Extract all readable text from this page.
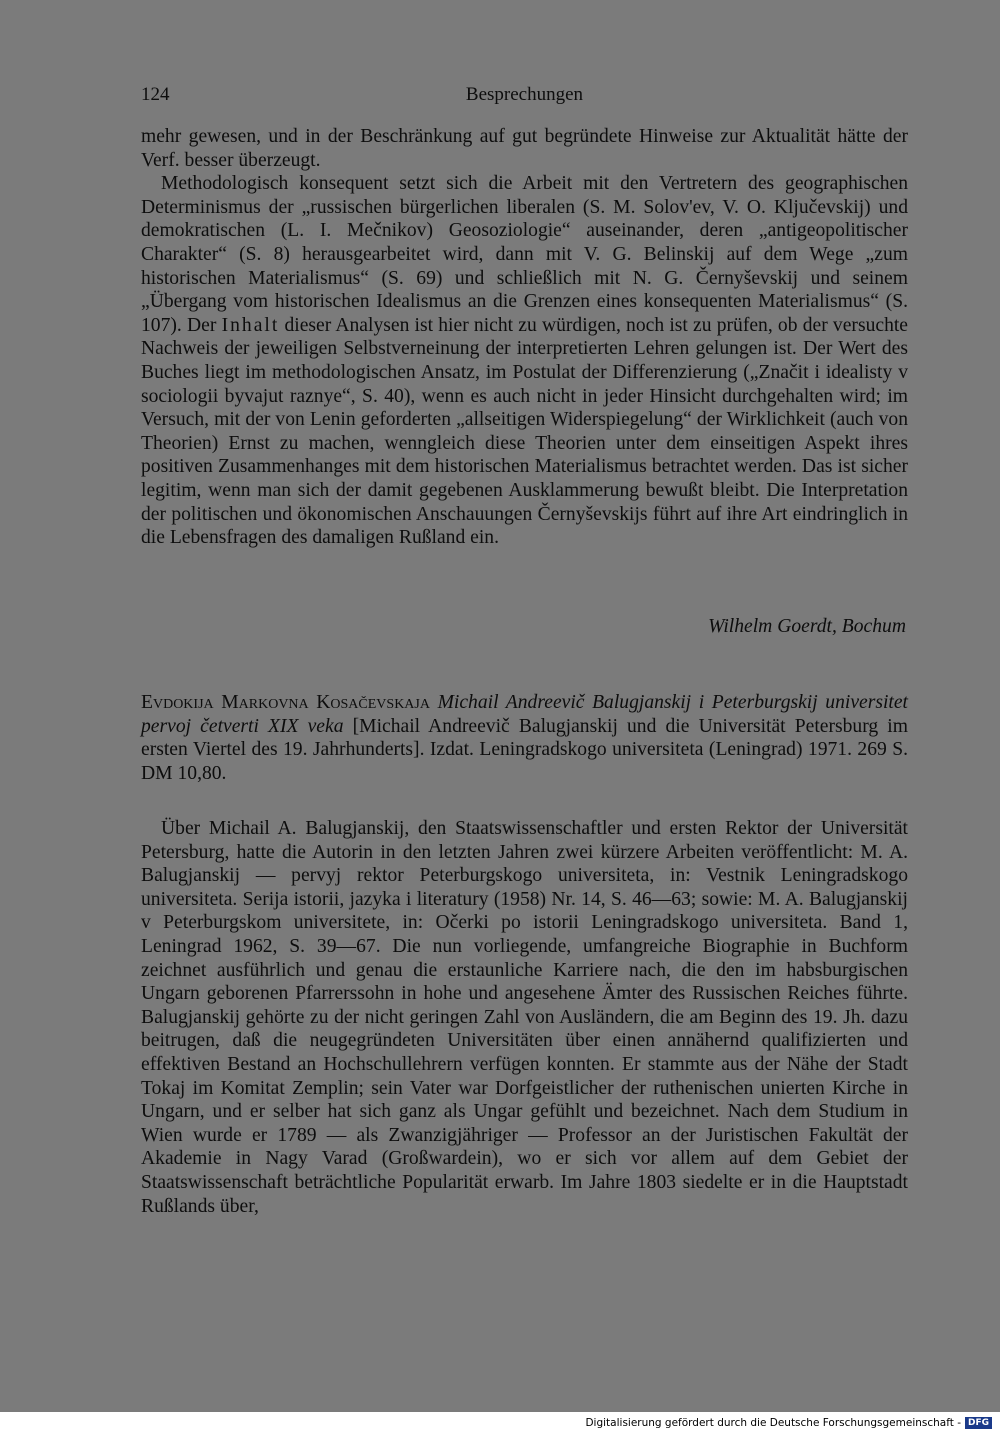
124	Besprechungen

mehr gewesen, und in der Beschränkung auf gut begründete Hinweise zur Aktualität hätte der Verf. besser überzeugt.

Methodologisch konsequent setzt sich die Arbeit mit den Vertretern des geographischen Determinismus der „russischen bürgerlichen liberalen (S. M. Solov'ev, V. O. Ključevskij) und demokratischen (L. I. Mečnikov) Geosoziologie“ auseinander, deren „antigeopolitischer Charakter“ (S. 8) herausgearbeitet wird, dann mit V. G. Belinskij auf dem Wege „zum historischen Materialismus“ (S. 69) und schließlich mit N. G. Černyševskij und seinem „Übergang vom historischen Idealismus an die Grenzen eines konsequenten Materialismus“ (S. 107). Der Inhalt dieser Analysen ist hier nicht zu würdigen, noch ist zu prüfen, ob der versuchte Nachweis der jeweiligen Selbstverneinung der interpretierten Lehren gelungen ist. Der Wert des Buches liegt im methodologischen Ansatz, im Postulat der Differenzierung („Značit i idealisty v sociologii byvajut raznye“, S. 40), wenn es auch nicht in jeder Hinsicht durchgehalten wird; im Versuch, mit der von Lenin geforderten „allseitigen Widerspiegelung“ der Wirklichkeit (auch von Theorien) Ernst zu machen, wenngleich diese Theorien unter dem einseitigen Aspekt ihres positiven Zusammenhanges mit dem historischen Materialismus betrachtet werden. Das ist sicher legitim, wenn man sich der damit gegebenen Ausklammerung bewußt bleibt. Die Interpretation der politischen und ökonomischen Anschauungen Černyševskijs führt auf ihre Art eindringlich in die Lebensfragen des damaligen Rußland ein.

Wilhelm Goerdt, Bochum

Evdokija Markovna Kosačevskaja Michail Andreevič Balugjanskij i Peterburgskij universitet pervoj četverti XIX veka [Michail Andreevič Balugjanskij und die Universität Petersburg im ersten Viertel des 19. Jahrhunderts]. Izdat. Leningradskogo universiteta (Leningrad) 1971. 269 S. DM 10,80.

Über Michail A. Balugjanskij, den Staatswissenschaftler und ersten Rektor der Universität Petersburg, hatte die Autorin in den letzten Jahren zwei kürzere Arbeiten veröffentlicht: M. A. Balugjanskij — pervyj rektor Peterburgskogo universiteta, in: Vestnik Leningradskogo universiteta. Serija istorii, jazyka i literatury (1958) Nr. 14, S. 46—63; sowie: M. A. Balugjanskij v Peterburgskom universitete, in: Očerki po istorii Leningradskogo universiteta. Band 1, Leningrad 1962, S. 39—67. Die nun vorliegende, umfangreiche Biographie in Buchform zeichnet ausführlich und genau die erstaunliche Karriere nach, die den im habsburgischen Ungarn geborenen Pfarrerssohn in hohe und angesehene Ämter des Russischen Reiches führte. Balugjanskij gehörte zu der nicht geringen Zahl von Ausländern, die am Beginn des 19. Jh. dazu beitrugen, daß die neugegründeten Universitäten über einen annähernd qualifizierten und effektiven Bestand an Hochschullehrern verfügen konnten. Er stammte aus der Nähe der Stadt Tokaj im Komitat Zemplin; sein Vater war Dorfgeistlicher der ruthenischen unierten Kirche in Ungarn, und er selber hat sich ganz als Ungar gefühlt und bezeichnet. Nach dem Studium in Wien wurde er 1789 — als Zwanzigjähriger — Professor an der Juristischen Fakultät der Akademie in Nagy Varad (Großwardein), wo er sich vor allem auf dem Gebiet der Staatswissenschaft beträchtliche Popularität erwarb. Im Jahre 1803 siedelte er in die Hauptstadt Rußlands über,

Digitalisierung gefördert durch die Deutsche Forschungsgemeinschaft - DFG
